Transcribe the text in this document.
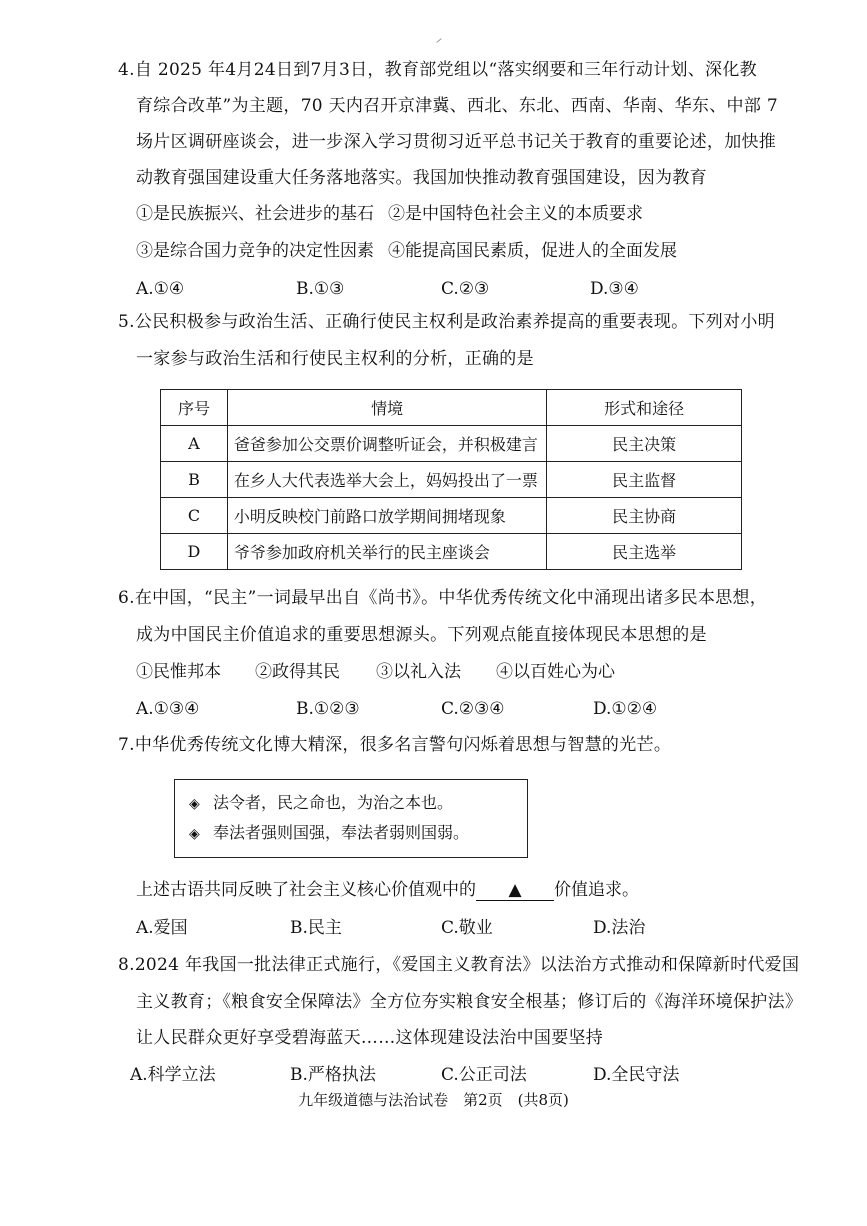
4.自 2025 年4月24日到7月3日，教育部党组以“落实纲要和三年行动计划、深化教
育综合改革”为主题，70 天内召开京津冀、西北、东北、西南、华南、华东、中部 7
场片区调研座谈会，进一步深入学习贯彻习近平总书记关于教育的重要论述，加快推
动教育强国建设重大任务落地落实。我国加快推动教育强国建设，因为教育
①是民族振兴、社会进步的基石 ②是中国特色社会主义的本质要求
③是综合国力竞争的决定性因素 ④能提高国民素质，促进人的全面发展
A.①④	B.①③	C.②③	D.③④
5.公民积极参与政治生活、正确行使民主权利是政治素养提高的重要表现。下列对小明
一家参与政治生活和行使民主权利的分析，正确的是
序号	情境	形式和途径
A	爸爸参加公交票价调整听证会，并积极建言	民主决策
B	在乡人大代表选举大会上，妈妈投出了一票	民主监督
C	小明反映校门前路口放学期间拥堵现象	民主协商
D	爷爷参加政府机关举行的民主座谈会	民主选举
6.在中国，“民主”一词最早出自《尚书》。中华优秀传统文化中涌现出诸多民本思想，
成为中国民主价值追求的重要思想源头。下列观点能直接体现民本思想的是
①民惟邦本 ②政得其民 ③以礼入法 ④以百姓心为心
A.①③④	B.①②③	C.②③④	D.①②④
7.中华优秀传统文化博大精深，很多名言警句闪烁着思想与智慧的光芒。
◈ 法令者，民之命也，为治之本也。
◈ 奉法者强则国强，奉法者弱则国弱。
上述古语共同反映了社会主义核心价值观中的 ▲ 价值追求。
A.爱国	B.民主	C.敬业	D.法治
8.2024 年我国一批法律正式施行，《爱国主义教育法》以法治方式推动和保障新时代爱国
主义教育；《粮食安全保障法》全方位夯实粮食安全根基；修订后的《海洋环境保护法》
让人民群众更好享受碧海蓝天……这体现建设法治中国要坚持
A.科学立法	B.严格执法	C.公正司法	D.全民守法
九年级道德与法治试卷　第2页　(共8页)
